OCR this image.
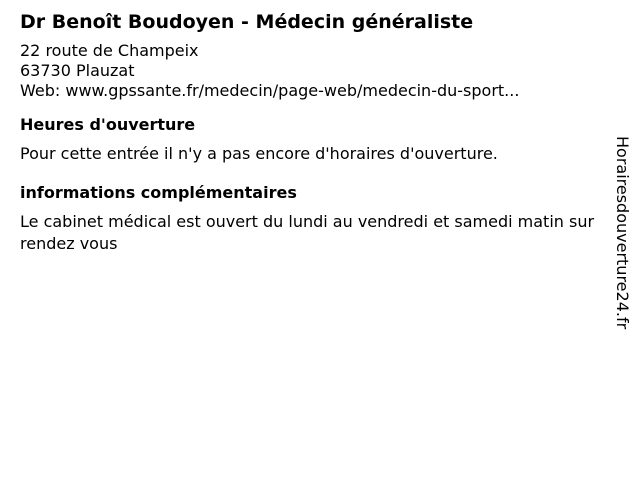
Dr Benoît Boudoyen - Médecin généraliste
22 route de Champeix
63730 Plauzat
Web: www.gpssante.fr/medecin/page-web/medecin-du-sport...
Heures d'ouverture
Pour cette entrée il n'y a pas encore d'horaires d'ouverture.
informations complémentaires
Le cabinet médical est ouvert du lundi au vendredi et samedi matin sur rendez vous	Horairesdouverture24.fr
